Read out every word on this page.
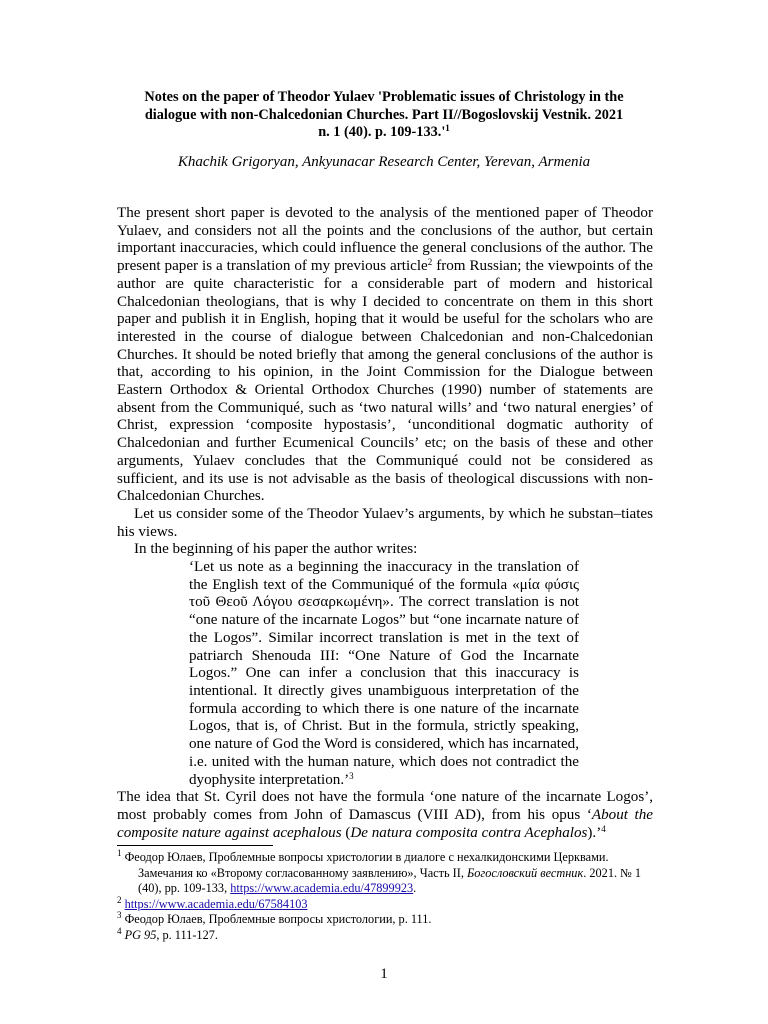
Notes on the paper of Theodor Yulaev 'Problematic issues of Christology in the
dialogue with non-Chalcedonian Churches. Part II//Bogoslovskij Vestnik. 2021
n. 1 (40). p. $109-133.'^1$
Khachik Grigoryan, Ankyunacar Research Center, Yerevan, Armenia

The present short paper is devoted to the analysis of the mentioned paper of Theodor Yulaev, and considers not all the points and the conclusions of the author, but certain important inaccuracies, which could influence the general conclusions of the author. The present paper is a translation of my previous article$^2$ from Russian; the viewpoints of the author are quite characteristic for a considerable part of modern and historical Chalcedonian theologians, that is why I decided to concentrate on them in this short paper and publish it in English, hoping that it would be useful for the scholars who are interested in the course of dialogue between Chalcedonian and non-Chalcedonian Churches. It should be noted briefly that among the general conclusions of the author is that, according to his opinion, in the Joint Commission for the Dialogue between Eastern Orthodox & Oriental Orthodox Churches (1990) number of statements are absent from the Communiqué, such as ‘two natural wills’ and ‘two natural energies’ of Christ, expression ‘composite hypostasis’, ‘unconditional dogmatic authority of Chalcedonian and further Ecumenical Councils’ etc; on the basis of these and other arguments, Yulaev concludes that the Communiqué could not be considered as sufficient, and its use is not advisable as the basis of theological discussions with non-Chalcedonian Churches.

Let us consider some of the Theodor Yulaev’s arguments, by which he substan–tiates his views.

In the beginning of his paper the author writes:

‘Let us note as a beginning the inaccuracy in the translation of the English text of the Communiqué of the formula «μία φύσις τοῦ Θεοῦ Λόγου σεσαρκωμένη». The correct translation is not “one nature of the incarnate Logos” but “one incarnate nature of the Logos”. Similar incorrect translation is met in the text of patriarch Shenouda III: “One Nature of God the Incarnate Logos.” One can infer a conclusion that this inaccuracy is intentional. It directly gives unambiguous interpretation of the formula according to which there is one nature of the incarnate Logos, that is, of Christ. But in the formula, strictly speaking, one nature of God the Word is considered, which has incarnated, i.e. united with the human nature, which does not contradict the dyophysite interpretation.’$^3$

The idea that St. Cyril does not have the formula ‘one nature of the incarnate Logos’, most probably comes from John of Damascus (VIII AD), from his opus ‘About the composite nature against acephalous (De natura composita contra Acephalos).’$^4$

$^1$ Феодор Юлаев, Проблемные вопросы христологии в диалоге с нехалкидонскими Церквами. Замечания ко «Второму согласованному заявлению», Часть II, Богословский вестник. 2021. № 1 (40), pp. 109-133, https://www.academia.edu/47899923.

$^2$ https://www.academia.edu/67584103

$^3$ Феодор Юлаев, Проблемные вопросы христологии, р. 111.

$^4$ PG 95, р. 111-127.

1
